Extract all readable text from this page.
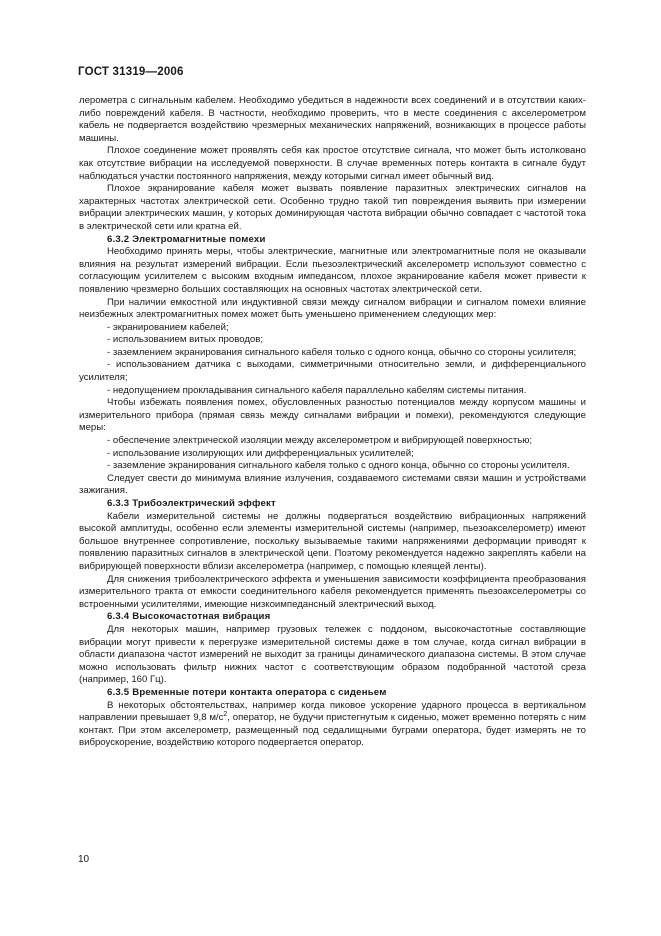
ГОСТ 31319—2006

лерометра с сигнальным кабелем. Необходимо убедиться в надежности всех соединений и в отсутствии каких-либо повреждений кабеля. В частности, необходимо проверить, что в месте соединения с акселерометром кабель не подвергается воздействию чрезмерных механических напряжений, возникающих в процессе работы машины.

Плохое соединение может проявлять себя как простое отсутствие сигнала, что может быть истолковано как отсутствие вибрации на исследуемой поверхности. В случае временных потерь контакта в сигнале будут наблюдаться участки постоянного напряжения, между которыми сигнал имеет обычный вид.

Плохое экранирование кабеля может вызвать появление паразитных электрических сигналов на характерных частотах электрической сети. Особенно трудно такой тип повреждения выявить при измерении вибрации электрических машин, у которых доминирующая частота вибрации обычно совпадает с частотой тока в электрической сети или кратна ей.

6.3.2 Электромагнитные помехи

Необходимо принять меры, чтобы электрические, магнитные или электромагнитные поля не оказывали влияния на результат измерений вибрации. Если пьезоэлектрический акселерометр используют совместно с согласующим усилителем с высоким входным импедансом, плохое экранирование кабеля может привести к появлению чрезмерно больших составляющих на основных частотах электрической сети.

При наличии емкостной или индуктивной связи между сигналом вибрации и сигналом помехи влияние неизбежных электромагнитных помех может быть уменьшено применением следующих мер:

- экранированием кабелей;

- использованием витых проводов;

- заземлением экранирования сигнального кабеля только с одного конца, обычно со стороны усилителя;

- использованием датчика с выходами, симметричными относительно земли, и дифференциального усилителя;

- недопущением прокладывания сигнального кабеля параллельно кабелям системы питания.

Чтобы избежать появления помех, обусловленных разностью потенциалов между корпусом машины и измерительного прибора (прямая связь между сигналами вибрации и помехи), рекомендуются следующие меры:

- обеспечение электрической изоляции между акселерометром и вибрирующей поверхностью;

- использование изолирующих или дифференциальных усилителей;

- заземление экранирования сигнального кабеля только с одного конца, обычно со стороны усилителя.

Следует свести до минимума влияние излучения, создаваемого системами связи машин и устройствами зажигания.

6.3.3 Трибоэлектрический эффект

Кабели измерительной системы не должны подвергаться воздействию вибрационных напряжений высокой амплитуды, особенно если элементы измерительной системы (например, пьезоакселерометр) имеют большое внутреннее сопротивление, поскольку вызываемые такими напряжениями деформации приводят к появлению паразитных сигналов в электрической цепи. Поэтому рекомендуется надежно закреплять кабели на вибрирующей поверхности вблизи акселерометра (например, с помощью клеящей ленты).

Для снижения трибоэлектрического эффекта и уменьшения зависимости коэффициента преобразования измерительного тракта от емкости соединительного кабеля рекомендуется применять пьезоакселерометры со встроенными усилителями, имеющие низкоимпедансный электрический выход.

6.3.4 Высокочастотная вибрация

Для некоторых машин, например грузовых тележек с поддоном, высокочастотные составляющие вибрации могут привести к перегрузке измерительной системы даже в том случае, когда сигнал вибрации в области диапазона частот измерений не выходит за границы динамического диапазона системы. В этом случае можно использовать фильтр нижних частот с соответствующим образом подобранной частотой среза (например, 160 Гц).

6.3.5 Временные потери контакта оператора с сиденьем

В некоторых обстоятельствах, например когда пиковое ускорение ударного процесса в вертикальном направлении превышает 9,8 $м/с^2$, оператор, не будучи пристегнутым к сиденью, может временно потерять с ним контакт. При этом акселерометр, размещенный под седалищными буграми оператора, будет измерять не то виброускорение, воздействию которого подвергается оператор.

10
